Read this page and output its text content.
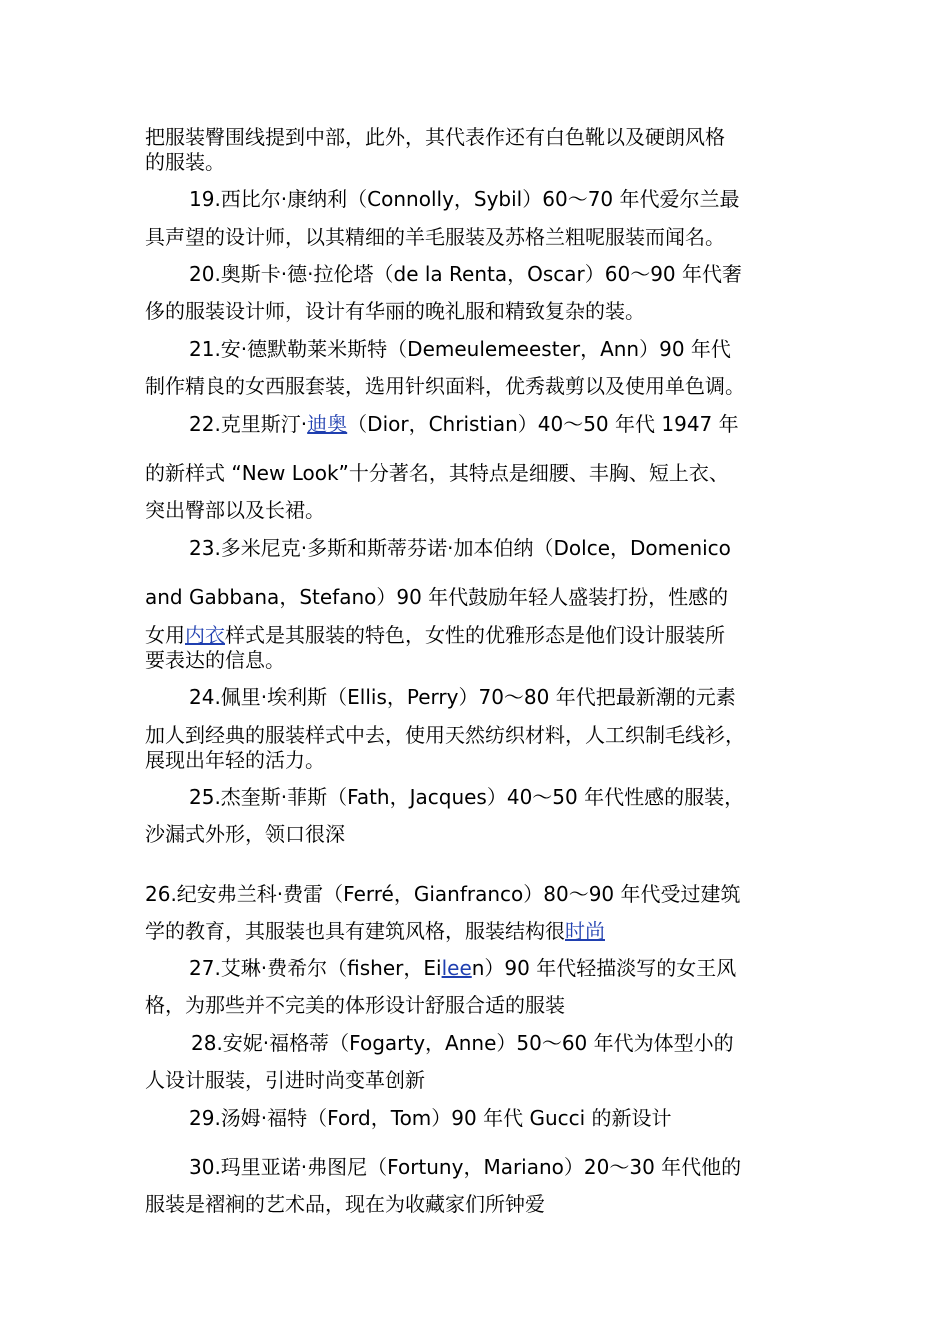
把服装臀围线提到中部，此外，其代表作还有白色靴以及硬朗风格
的服装。
19.西比尔·康纳利（Connolly，Sybil）60～70 年代爱尔兰最
具声望的设计师，以其精细的羊毛服装及苏格兰粗呢服装而闻名。
20.奥斯卡·德·拉伦塔（de la Renta，Oscar）60～90 年代奢
侈的服装设计师，设计有华丽的晚礼服和精致复杂的装。
21.安·德默勒莱米斯特（Demeulemeester，Ann）90 年代
制作精良的女西服套装，选用针织面料，优秀裁剪以及使用单色调。
22.克里斯汀·迪奥（Dior，Christian）40～50 年代 1947 年
的新样式 “New Look”十分著名，其特点是细腰、丰胸、短上衣、
突出臀部以及长裙。
23.多米尼克·多斯和斯蒂芬诺·加本伯纳（Dolce，Domenico
and Gabbana，Stefano）90 年代鼓励年轻人盛装打扮，性感的
女用内衣样式是其服装的特色，女性的优雅形态是他们设计服装所
要表达的信息。
24.佩里·埃利斯（Ellis，Perry）70～80 年代把最新潮的元素
加人到经典的服装样式中去，使用天然纺织材料，人工织制毛线衫，
展现出年轻的活力。
25.杰奎斯·菲斯（Fath，Jacques）40～50 年代性感的服装，
沙漏式外形，领口很深
26.纪安弗兰科·费雷（Ferré，Gianfranco）80～90 年代受过建筑
学的教育，其服装也具有建筑风格，服装结构很时尚
27.艾琳·费希尔（fisher，Eileen）90 年代轻描淡写的女王风
格，为那些并不完美的体形设计舒服合适的服装
28.安妮·福格蒂（Fogarty，Anne）50～60 年代为体型小的
人设计服装，引进时尚变革创新
29.汤姆·福特（Ford，Tom）90 年代 Gucci 的新设计
30.玛里亚诺·弗图尼（Fortuny，Mariano）20～30 年代他的
服装是褶裥的艺术品，现在为收藏家们所钟爱
